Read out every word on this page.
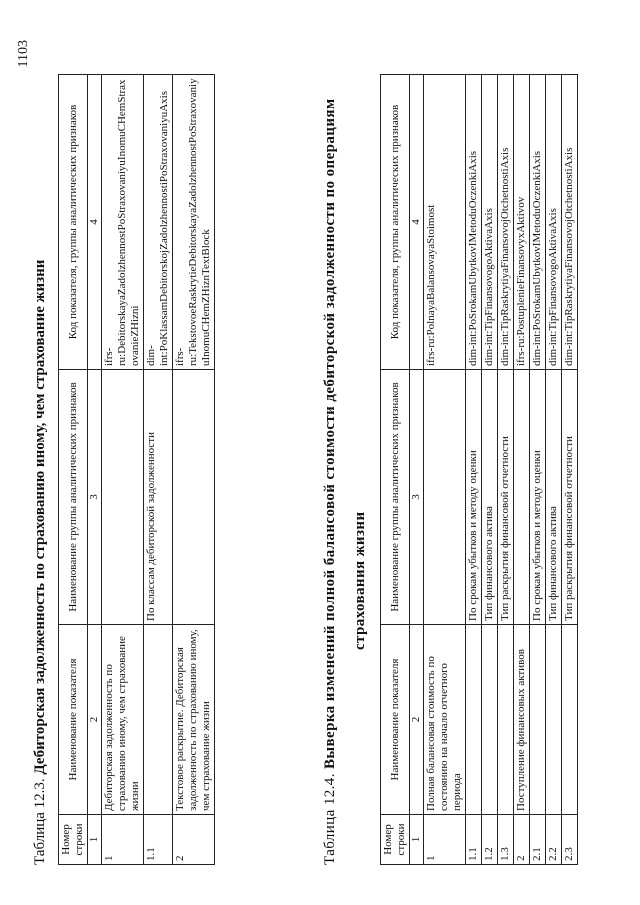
1103
Таблица 12.3. Дебиторская задолженность по страхованию иному, чем страхование жизни
Номер строки	Наименование показателя	Наименование группы аналитических признаков	Код показателя, группы аналитических признаков
1	2	3	4
1	Дебиторская задолженность по страхованию иному, чем страхование жизни		ifrs-ru:DebitorskayaZadolzhennostPoStraxovaniyuInomuCHemStraxovanieZHizni
1.1		По классам дебиторской задолженности	dim-int:PoKlassamDebitorskojZadolzhennostiPoStraxovaniyuAxis
2	Текстовое раскрытие. Дебиторская задолженность по страхованию иному, чем страхование жизни		ifrs-ru:TekstovoeRaskrytieDebitorskayaZadolzhennostPoStraxovaniyuInomuCHemZHiznTextBlock
Таблица 12.4. Выверка изменений полной балансовой стоимости дебиторской задолженности по операциям страхования жизни
Номер строки	Наименование показателя	Наименование группы аналитических признаков	Код показателя, группы аналитических признаков
1	2	3	4
1	Полная балансовая стоимость по состоянию на начало отчетного периода		ifrs-ru:PolnayaBalansovayaStoimost
1.1		По срокам убытков и методу оценки	dim-int:PoSrokamUbytkovIMetoduOczenkiAxis
1.2		Тип финансового актива	dim-int:TipFinansovogoAktivaAxis
1.3		Тип раскрытия финансовой отчетности	dim-int:TipRaskrytiyaFinansovojOtchetnostiAxis
2	Поступление финансовых активов		ifrs-ru:PostuplenieFinansovyxAktivov
2.1		По срокам убытков и методу оценки	dim-int:PoSrokamUbytkovIMetoduOczenkiAxis
2.2		Тип финансового актива	dim-int:TipFinansovogoAktivaAxis
2.3		Тип раскрытия финансовой отчетности	dim-int:TipRaskrytiyaFinansovojOtchetnostiAxis
